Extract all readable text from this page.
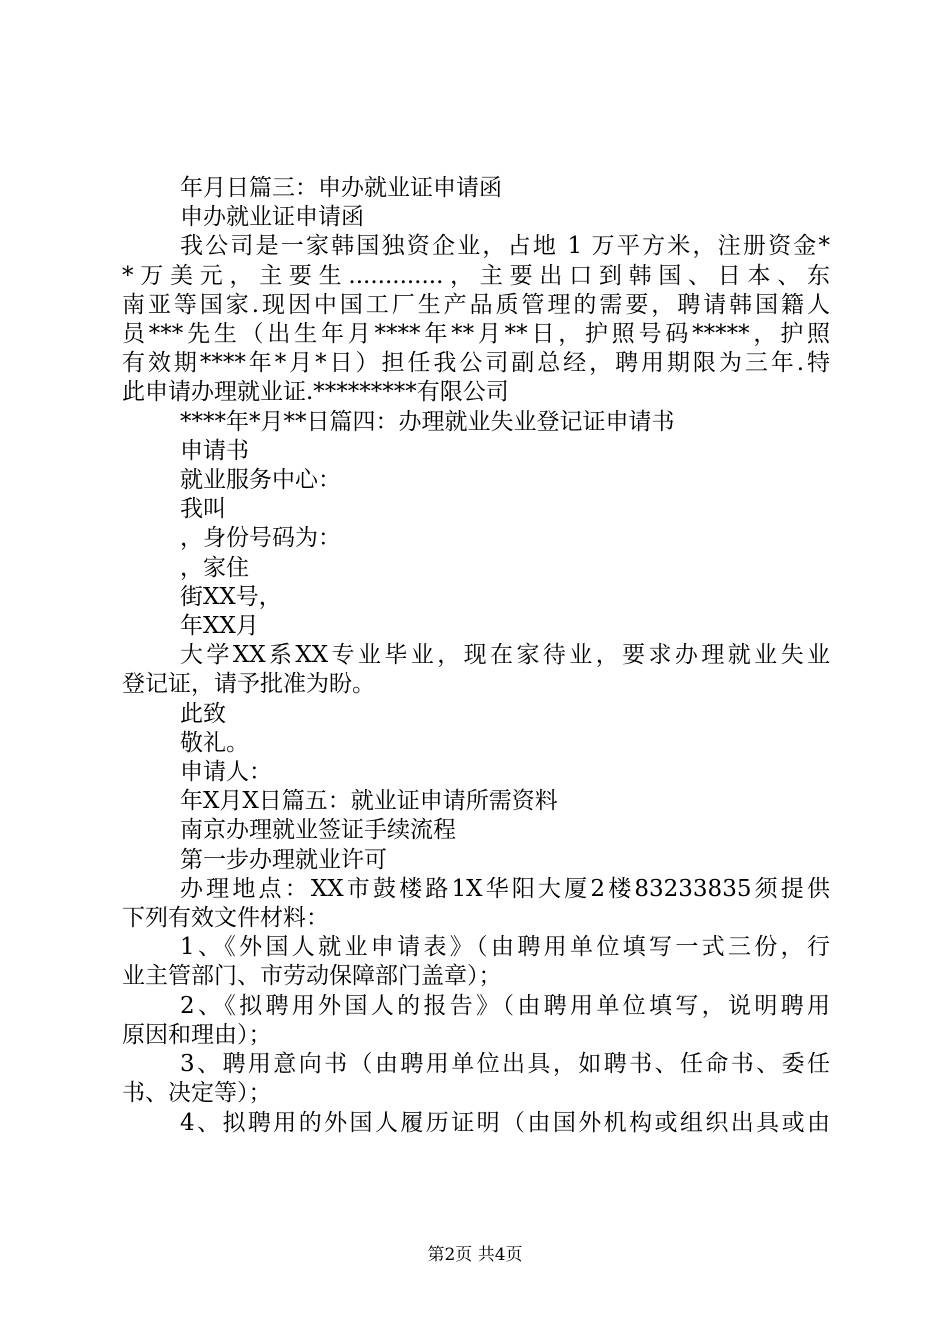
年月日篇三：申办就业证申请函
申办就业证申请函
我公司是一家韩国独资企业，占地 1 万平方米，注册资金*
*万美元，主要生.............，主要出口到韩国、日本、东
南亚等国家.现因中国工厂生产品质管理的需要，聘请韩国籍人
员***先生（出生年月****年**月**日，护照号码*****，护照
有效期****年*月*日）担任我公司副总经，聘用期限为三年.特
此申请办理就业证.*********有限公司
****年*月**日篇四：办理就业失业登记证申请书
申请书
就业服务中心：
我叫
，身份号码为：
，家住
街XX号，
年XX月
大学XX系XX专业毕业，现在家待业，要求办理就业失业
登记证，请予批准为盼。
此致
敬礼。
申请人：
年X月X日篇五：就业证申请所需资料
南京办理就业签证手续流程
第一步办理就业许可
办理地点：XX市鼓楼路1X华阳大厦2楼83233835须提供
下列有效文件材料：
1、《外国人就业申请表》（由聘用单位填写一式三份，行
业主管部门、市劳动保障部门盖章）；
2、《拟聘用外国人的报告》（由聘用单位填写，说明聘用
原因和理由）；
3、聘用意向书（由聘用单位出具，如聘书、任命书、委任
书、决定等）；
4、拟聘用的外国人履历证明（由国外机构或组织出具或由
第2页 共4页
